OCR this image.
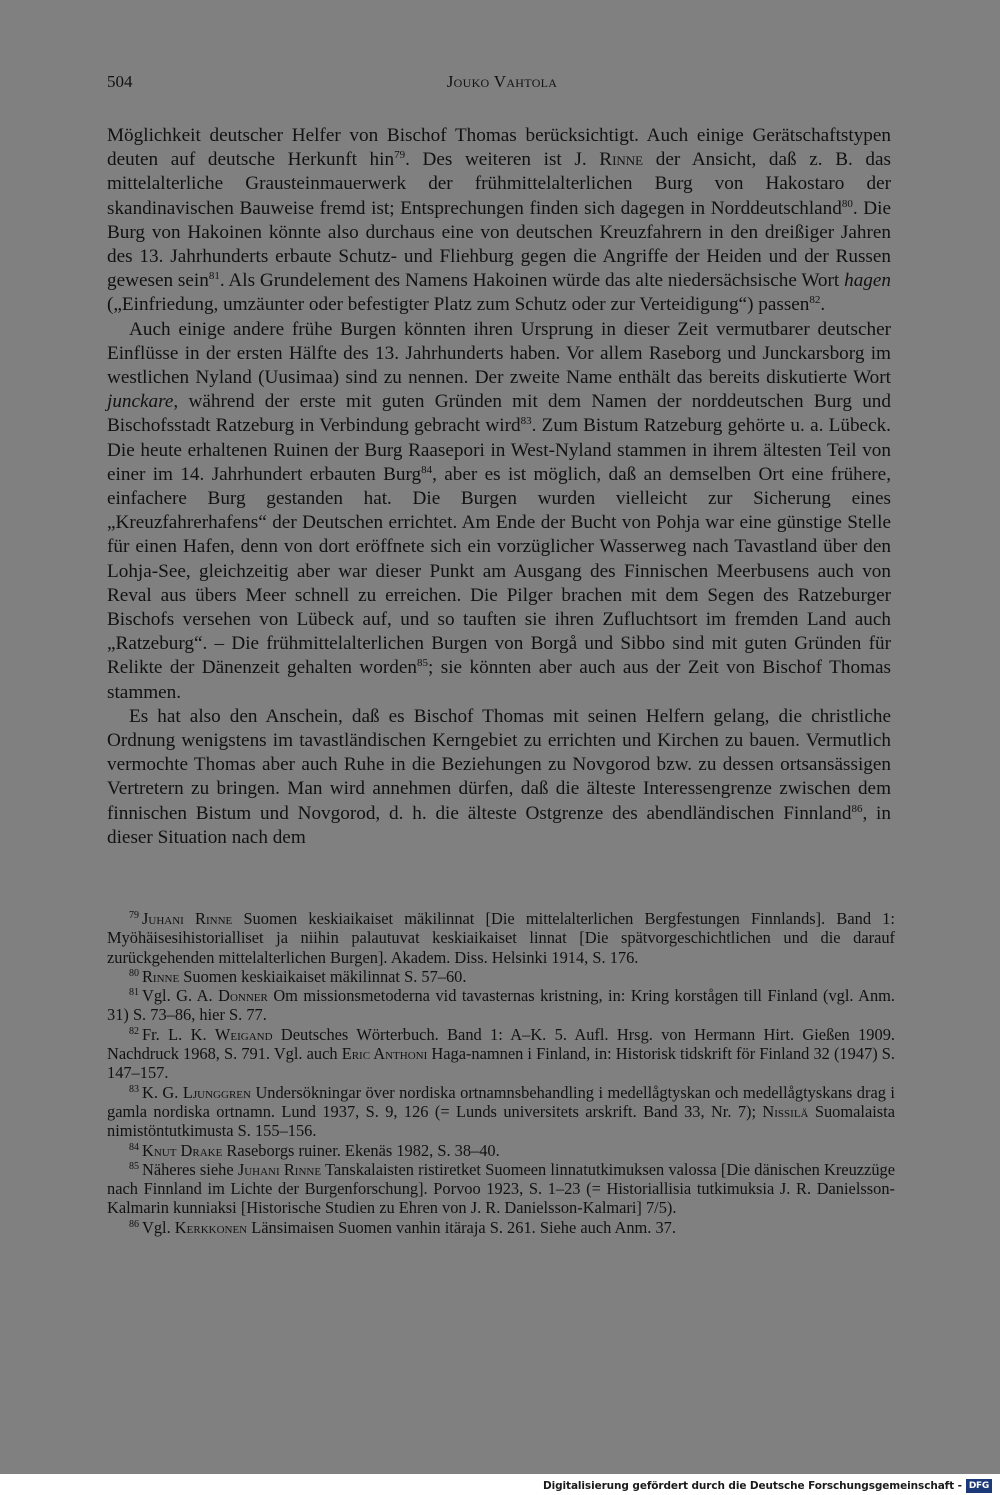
504	Jouko Vahtola

Möglichkeit deutscher Helfer von Bischof Thomas berücksichtigt. Auch einige Gerätschaftstypen deuten auf deutsche Herkunft hin$^{79}$. Des weiteren ist J. Rinne der Ansicht, daß z. B. das mittelalterliche Grausteinmauerwerk der frühmittelalterlichen Burg von Hakostaro der skandinavischen Bauweise fremd ist; Entsprechungen finden sich dagegen in Norddeutschland$^{80}$. Die Burg von Hakoinen könnte also durchaus eine von deutschen Kreuzfahrern in den dreißiger Jahren des 13. Jahrhunderts erbaute Schutz- und Fliehburg gegen die Angriffe der Heiden und der Russen gewesen sein$^{81}$. Als Grundelement des Namens Hakoinen würde das alte niedersächsische Wort hagen („Einfriedung, umzäunter oder befestigter Platz zum Schutz oder zur Verteidigung“) passen$^{82}$.

Auch einige andere frühe Burgen könnten ihren Ursprung in dieser Zeit vermutbarer deutscher Einflüsse in der ersten Hälfte des 13. Jahrhunderts haben. Vor allem Raseborg und Junckarsborg im westlichen Nyland (Uusimaa) sind zu nennen. Der zweite Name enthält das bereits diskutierte Wort junckare, während der erste mit guten Gründen mit dem Namen der norddeutschen Burg und Bischofsstadt Ratzeburg in Verbindung gebracht wird$^{83}$. Zum Bistum Ratzeburg gehörte u. a. Lübeck. Die heute erhaltenen Ruinen der Burg Raasepori in West-Nyland stammen in ihrem ältesten Teil von einer im 14. Jahrhundert erbauten Burg$^{84}$, aber es ist möglich, daß an demselben Ort eine frühere, einfachere Burg gestanden hat. Die Burgen wurden vielleicht zur Sicherung eines „Kreuzfahrerhafens“ der Deutschen errichtet. Am Ende der Bucht von Pohja war eine günstige Stelle für einen Hafen, denn von dort eröffnete sich ein vorzüglicher Wasserweg nach Tavastland über den Lohja-See, gleichzeitig aber war dieser Punkt am Ausgang des Finnischen Meerbusens auch von Reval aus übers Meer schnell zu erreichen. Die Pilger brachen mit dem Segen des Ratzeburger Bischofs versehen von Lübeck auf, und so tauften sie ihren Zufluchtsort im fremden Land auch „Ratzeburg“. – Die frühmittelalterlichen Burgen von Borgå und Sibbo sind mit guten Gründen für Relikte der Dänenzeit gehalten worden$^{85}$; sie könnten aber auch aus der Zeit von Bischof Thomas stammen.

Es hat also den Anschein, daß es Bischof Thomas mit seinen Helfern gelang, die christliche Ordnung wenigstens im tavastländischen Kerngebiet zu errichten und Kirchen zu bauen. Vermutlich vermochte Thomas aber auch Ruhe in die Beziehungen zu Novgorod bzw. zu dessen ortsansässigen Vertretern zu bringen. Man wird annehmen dürfen, daß die älteste Interessengrenze zwischen dem finnischen Bistum und Novgorod, d. h. die älteste Ostgrenze des abendländischen Finnland$^{86}$, in dieser Situation nach dem

$^{79}$ Juhani Rinne Suomen keskiaikaiset mäkilinnat [Die mittelalterlichen Bergfestungen Finnlands]. Band 1: Myöhäisesihistorialliset ja niihin palautuvat keskiaikaiset linnat [Die spätvorgeschichtlichen und die darauf zurückgehenden mittelalterlichen Burgen]. Akadem. Diss. Helsinki 1914, S. 176.

$^{80}$ Rinne Suomen keskiaikaiset mäkilinnat S. 57–60.

$^{81}$ Vgl. G. A. Donner Om missionsmetoderna vid tavasternas kristning, in: Kring korstågen till Finland (vgl. Anm. 31) S. 73–86, hier S. 77.

$^{82}$ Fr. L. K. Weigand Deutsches Wörterbuch. Band 1: A–K. 5. Aufl. Hrsg. von Hermann Hirt. Gießen 1909. Nachdruck 1968, S. 791. Vgl. auch Eric Anthoni Haga-namnen i Finland, in: Historisk tidskrift för Finland 32 (1947) S. 147–157.

$^{83}$ K. G. Ljunggren Undersökningar över nordiska ortnamnsbehandling i medellågtyskan och medellågtyskans drag i gamla nordiska ortnamn. Lund 1937, S. 9, 126 (= Lunds universitets arskrift. Band 33, Nr. 7); Nissilä Suomalaista nimistöntutkimusta S. 155–156.

$^{84}$ Knut Drake Raseborgs ruiner. Ekenäs 1982, S. 38–40.

$^{85}$ Näheres siehe Juhani Rinne Tanskalaisten ristiretket Suomeen linnatutkimuksen valossa [Die dänischen Kreuzzüge nach Finnland im Lichte der Burgenforschung]. Porvoo 1923, S. 1–23 (= Historiallisia tutkimuksia J. R. Danielsson-Kalmarin kunniaksi [Historische Studien zu Ehren von J. R. Danielsson-Kalmari] 7/5).

$^{86}$ Vgl. Kerkkonen Länsimaisen Suomen vanhin itäraja S. 261. Siehe auch Anm. 37.

Digitalisierung gefördert durch die Deutsche Forschungsgemeinschaft - DFG
